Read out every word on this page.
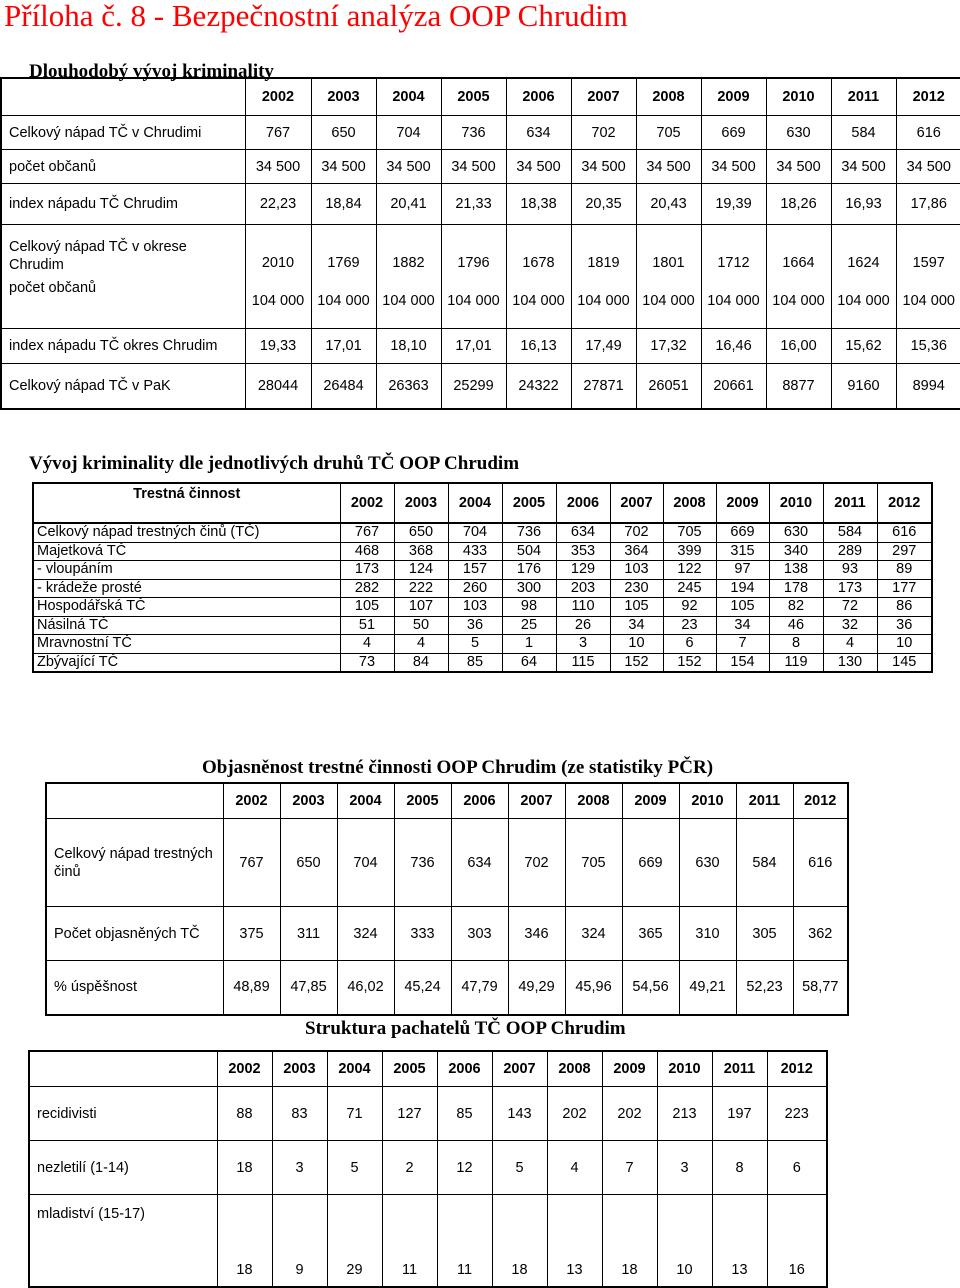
Příloha č. 8 - Bezpečnostní analýza OOP Chrudim
Dlouhodobý vývoj kriminality
	2002	2003	2004	2005	2006	2007	2008	2009	2010	2011	2012
Celkový nápad TČ v Chrudimi	767	650	704	736	634	702	705	669	630	584	616
počet občanů	34 500	34 500	34 500	34 500	34 500	34 500	34 500	34 500	34 500	34 500	34 500
index nápadu TČ Chrudim	22,23	18,84	20,41	21,33	18,38	20,35	20,43	19,39	18,26	16,93	17,86
Celkový nápad TČ v okrese Chrudim	2010	1769	1882	1796	1678	1819	1801	1712	1664	1624	1597
počet občanů	104 000	104 000	104 000	104 000	104 000	104 000	104 000	104 000	104 000	104 000	104 000
index nápadu TČ okres Chrudim	19,33	17,01	18,10	17,01	16,13	17,49	17,32	16,46	16,00	15,62	15,36
Celkový nápad TČ v PaK	28044	26484	26363	25299	24322	27871	26051	20661	8877	9160	8994
Vývoj kriminality dle jednotlivých druhů TČ OOP Chrudim
Trestná činnost	2002	2003	2004	2005	2006	2007	2008	2009	2010	2011	2012
Celkový nápad trestných činů (TČ)	767	650	704	736	634	702	705	669	630	584	616
Majetková TČ	468	368	433	504	353	364	399	315	340	289	297
- vloupáním	173	124	157	176	129	103	122	97	138	93	89
- krádeže prosté	282	222	260	300	203	230	245	194	178	173	177
Hospodářská TČ	105	107	103	98	110	105	92	105	82	72	86
Násilná TČ	51	50	36	25	26	34	23	34	46	32	36
Mravnostní TČ	4	4	5	1	3	10	6	7	8	4	10
Zbývající TČ	73	84	85	64	115	152	152	154	119	130	145
Objasněnost trestné činnosti OOP Chrudim (ze statistiky PČR)
	2002	2003	2004	2005	2006	2007	2008	2009	2010	2011	2012
Celkový nápad trestných činů	767	650	704	736	634	702	705	669	630	584	616
Počet objasněných TČ	375	311	324	333	303	346	324	365	310	305	362
% úspěšnost	48,89	47,85	46,02	45,24	47,79	49,29	45,96	54,56	49,21	52,23	58,77
Struktura pachatelů TČ OOP Chrudim
	2002	2003	2004	2005	2006	2007	2008	2009	2010	2011	2012
recidivisti	88	83	71	127	85	143	202	202	213	197	223
nezletilí (1-14)	18	3	5	2	12	5	4	7	3	8	6
mladiství (15-17)	18	9	29	11	11	18	13	18	10	13	16
